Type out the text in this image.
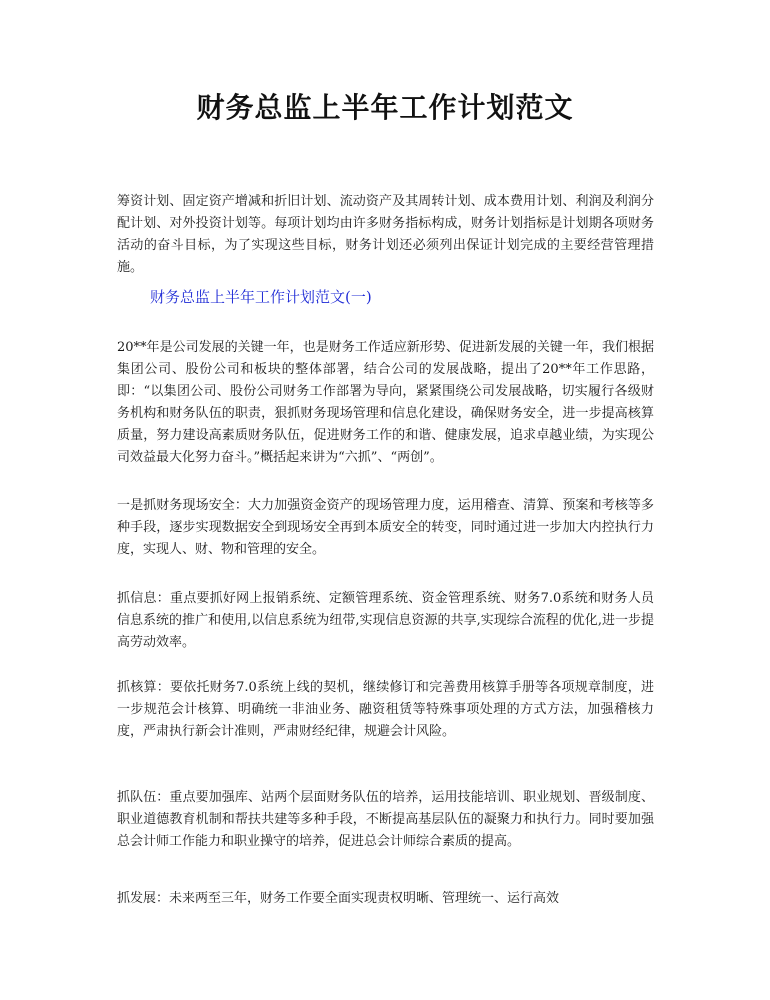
财务总监上半年工作计划范文

筹资计划、固定资产增减和折旧计划、流动资产及其周转计划、成本费用计划、利润及利润分配计划、对外投资计划等。每项计划均由许多财务指标构成，财务计划指标是计划期各项财务活动的奋斗目标，为了实现这些目标，财务计划还必须列出保证计划完成的主要经营管理措施。

财务总监上半年工作计划范文(一)

20**年是公司发展的关键一年，也是财务工作适应新形势、促进新发展的关键一年，我们根据集团公司、股份公司和板块的整体部署，结合公司的发展战略，提出了20**年工作思路，即：“以集团公司、股份公司财务工作部署为导向，紧紧围绕公司发展战略，切实履行各级财务机构和财务队伍的职责，狠抓财务现场管理和信息化建设，确保财务安全，进一步提高核算质量，努力建设高素质财务队伍，促进财务工作的和谐、健康发展，追求卓越业绩，为实现公司效益最大化努力奋斗。”概括起来讲为“六抓”、“两创”。

一是抓财务现场安全：大力加强资金资产的现场管理力度，运用稽查、清算、预案和考核等多种手段，逐步实现数据安全到现场安全再到本质安全的转变，同时通过进一步加大内控执行力度，实现人、财、物和管理的安全。

抓信息：重点要抓好网上报销系统、定额管理系统、资金管理系统、财务7.0系统和财务人员信息系统的推广和使用,以信息系统为纽带,实现信息资源的共享,实现综合流程的优化,进一步提高劳动效率。

抓核算：要依托财务7.0系统上线的契机，继续修订和完善费用核算手册等各项规章制度，进一步规范会计核算、明确统一非油业务、融资租赁等特殊事项处理的方式方法，加强稽核力度，严肃执行新会计准则，严肃财经纪律，规避会计风险。

抓队伍：重点要加强库、站两个层面财务队伍的培养，运用技能培训、职业规划、晋级制度、职业道德教育机制和帮扶共建等多种手段，不断提高基层队伍的凝聚力和执行力。同时要加强总会计师工作能力和职业操守的培养，促进总会计师综合素质的提高。

抓发展：未来两至三年，财务工作要全面实现责权明晰、管理统一、运行高效
